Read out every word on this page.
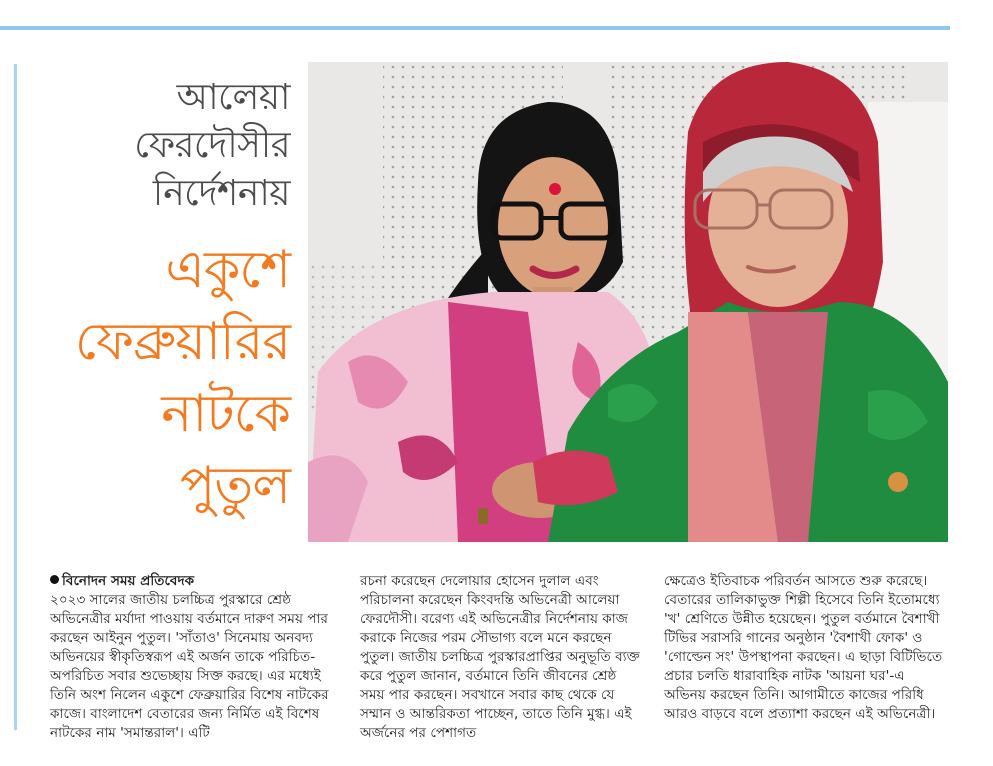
আলেয়া
ফেরদৌসীর
নির্দেশনায়
একুশে
ফেব্রুয়ারির
নাটকে
পুতুল

বিনোদন সময় প্রতিবেদক

২০২৩ সালের জাতীয় চলচ্চিত্র পুরস্কারে শ্রেষ্ঠ অভিনেত্রীর মর্যাদা পাওয়ায় বর্তমানে দারুণ সময় পার করছেন আইনুন পুতুল। 'সাঁতাও' সিনেমায় অনবদ্য অভিনয়ের স্বীকৃতিস্বরূপ এই অর্জন তাকে পরিচিত-অপরিচিত সবার শুভেচ্ছায় সিক্ত করছে। এর মধ্যেই তিনি অংশ নিলেন একুশে ফেব্রুয়ারির বিশেষ নাটকের কাজে। বাংলাদেশ বেতারের জন্য নির্মিত এই বিশেষ নাটকের নাম 'সমান্তরাল'। এটি

রচনা করেছেন দেলোয়ার হোসেন দুলাল এবং পরিচালনা করেছেন কিংবদন্তি অভিনেত্রী আলেয়া ফেরদৌসী। বরেণ্য এই অভিনেত্রীর নির্দেশনায় কাজ করাকে নিজের পরম সৌভাগ্য বলে মনে করছেন পুতুল। জাতীয় চলচ্চিত্র পুরস্কারপ্রাপ্তির অনুভূতি ব্যক্ত করে পুতুল জানান, বর্তমানে তিনি জীবনের শ্রেষ্ঠ সময় পার করছেন। সবখানে সবার কাছ থেকে যে সম্মান ও আন্তরিকতা পাচ্ছেন, তাতে তিনি মুগ্ধ। এই অর্জনের পর পেশাগত

ক্ষেত্রেও ইতিবাচক পরিবর্তন আসতে শুরু করেছে। বেতারের তালিকাভুক্ত শিল্পী হিসেবে তিনি ইতোমধ্যে 'খ' শ্রেণিতে উন্নীত হয়েছেন। পুতুল বর্তমানে বৈশাখী টিভির সরাসরি গানের অনুষ্ঠান 'বৈশাখী ফোক' ও 'গোল্ডেন সং' উপস্থাপনা করছেন। এ ছাড়া বিটিভিতে প্রচার চলতি ধারাবাহিক নাটক 'আয়না ঘর'-এ অভিনয় করছেন তিনি। আগামীতে কাজের পরিধি আরও বাড়বে বলে প্রত্যাশা করছেন এই অভিনেত্রী।
